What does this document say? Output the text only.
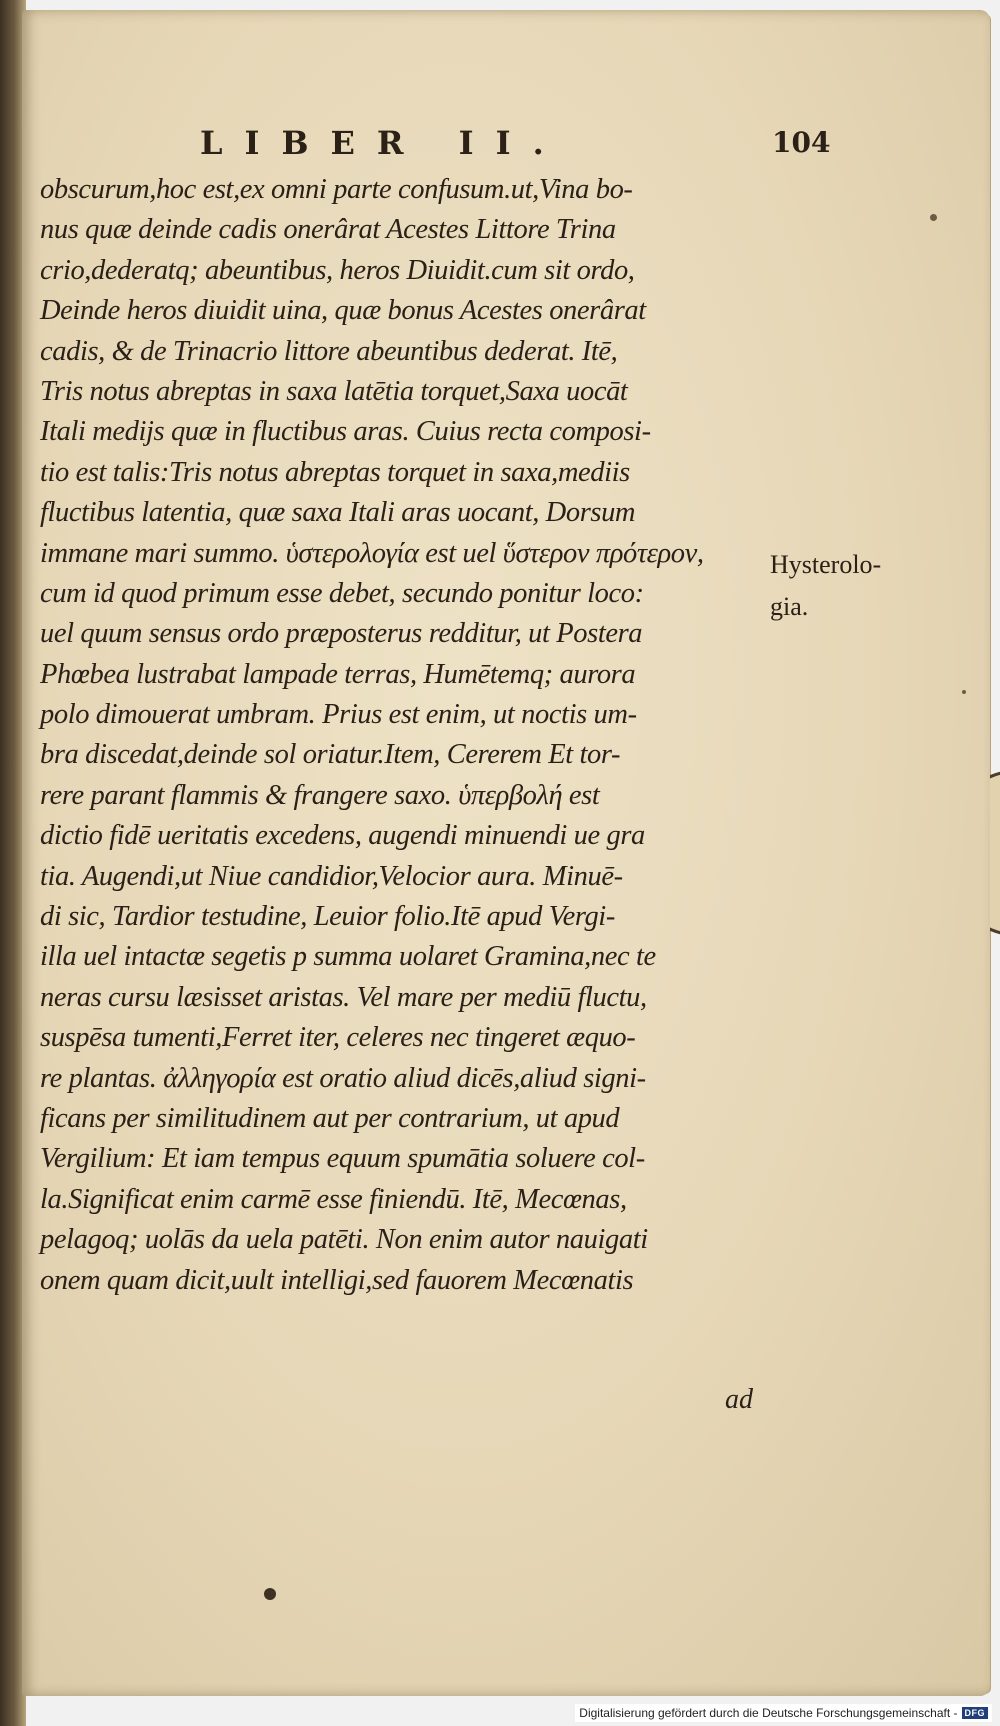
LIBER II.	104
obscurum,hoc est,ex omni parte confusum.ut,Vina bo-
nus quæ deinde cadis onerârat Acestes Littore Trina
crio,dederatq; abeuntibus, heros Diuidit.cum sit ordo,
Deinde heros diuidit uina, quæ bonus Acestes onerârat
cadis, & de Trinacrio littore abeuntibus dederat. Itē,
Tris notus abreptas in saxa latētia torquet,Saxa uocāt
Itali medijs quæ in fluctibus aras. Cuius recta composi-
tio est talis:Tris notus abreptas torquet in saxa,mediis
fluctibus latentia, quæ saxa Itali aras uocant, Dorsum
immane mari summo. ὑστερολογία est uel ὕστερον πρότερον,
cum id quod primum esse debet, secundo ponitur loco:
uel quum sensus ordo præposterus redditur, ut Postera
Phœbea lustrabat lampade terras, Humētemq; aurora
polo dimouerat umbram. Prius est enim, ut noctis um-
bra discedat,deinde sol oriatur.Item, Cererem Et tor-
rere parant flammis & frangere saxo. ὑπερβολή est
dictio fidē ueritatis excedens, augendi minuendi ue gra
tia. Augendi,ut Niue candidior,Velocior aura. Minuē-
di sic, Tardior testudine, Leuior folio.Itē apud Vergi-
illa uel intactæ segetis p summa uolaret Gramina,nec te
neras cursu læsisset aristas. Vel mare per mediū fluctu,
suspēsa tumenti,Ferret iter, celeres nec tingeret æquo-
re plantas. ἀλληγορία est oratio aliud dicēs,aliud signi-
ficans per similitudinem aut per contrarium, ut apud
Vergilium: Et iam tempus equum spumātia soluere col-
la.Significat enim carmē esse finiendū. Itē, Mecœnas,
pelagoq; uolās da uela patēti. Non enim autor nauigati
onem quam dicit,uult intelligi,sed fauorem Mecœnatis
ad
Hysterolo-
gia.
Digitalisierung gefördert durch die Deutsche Forschungsgemeinschaft - DFG
